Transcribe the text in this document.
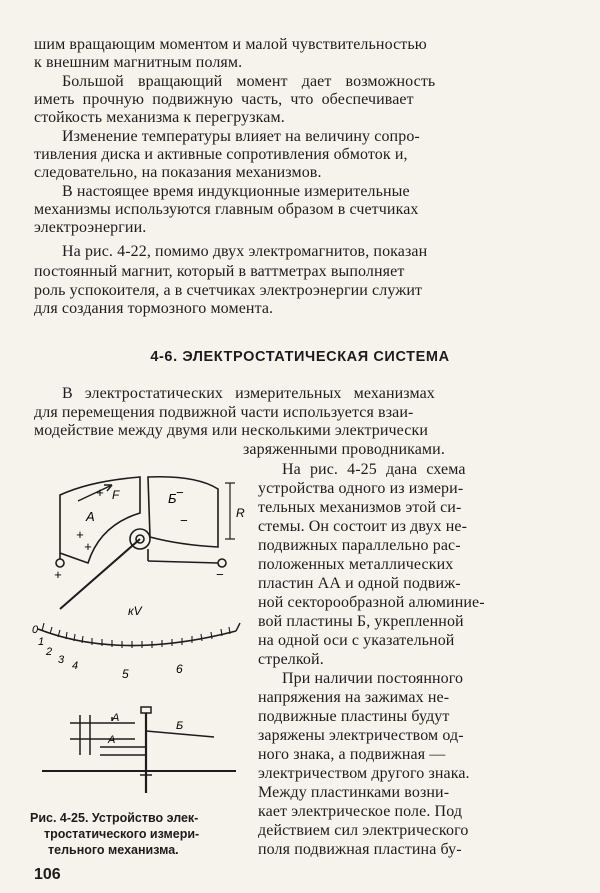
шим вращающим моментом и малой чувствительностью
к внешним магнитным полям.
Большой вращающий момент дает возможность
иметь прочную подвижную часть, что обеспечивает
стойкость механизма к перегрузкам.
Изменение температуры влияет на величину сопро-
тивления диска и активные сопротивления обмоток и,
следовательно, на показания механизмов.
В настоящее время индукционные измерительные
механизмы используются главным образом в счетчиках
электроэнергии.
На рис. 4-22, помимо двух электромагнитов, показан
постоянный магнит, который в ваттметрах выполняет
роль успокоителя, а в счетчиках электроэнергии служит
для создания тормозного момента.
4-6. ЭЛЕКТРОСТАТИЧЕСКАЯ СИСТЕМА
В электростатических измерительных механизмах
для перемещения подвижной части используется взаи-
модействие между двумя или несколькими электрически
заряженными проводниками.
На рис. 4-25 дана схема
устройства одного из измери-
тельных механизмов этой си-
стемы. Он состоит из двух не-
подвижных параллельно рас-
положенных металлических
пластин АА и одной подвиж-
ной секторообразной алюминие-
вой пластины Б, укрепленной
на одной оси с указательной
стрелкой.
При наличии постоянного
напряжения на зажимах не-
подвижные пластины будут
заряжены электричеством од-
ного знака, а подвижная —
электричеством другого знака.
Между пластинками возни-
кает электрическое поле. Под
действием сил электрического
поля подвижная пластина бу-
А
Б
F
R
кV
+
+
+
+
−
−
−
0
1
2
3 4
5	6
А
А
Б
Рис. 4-25. Устройство элек-
тростатического измери-
тельного механизма.
106
